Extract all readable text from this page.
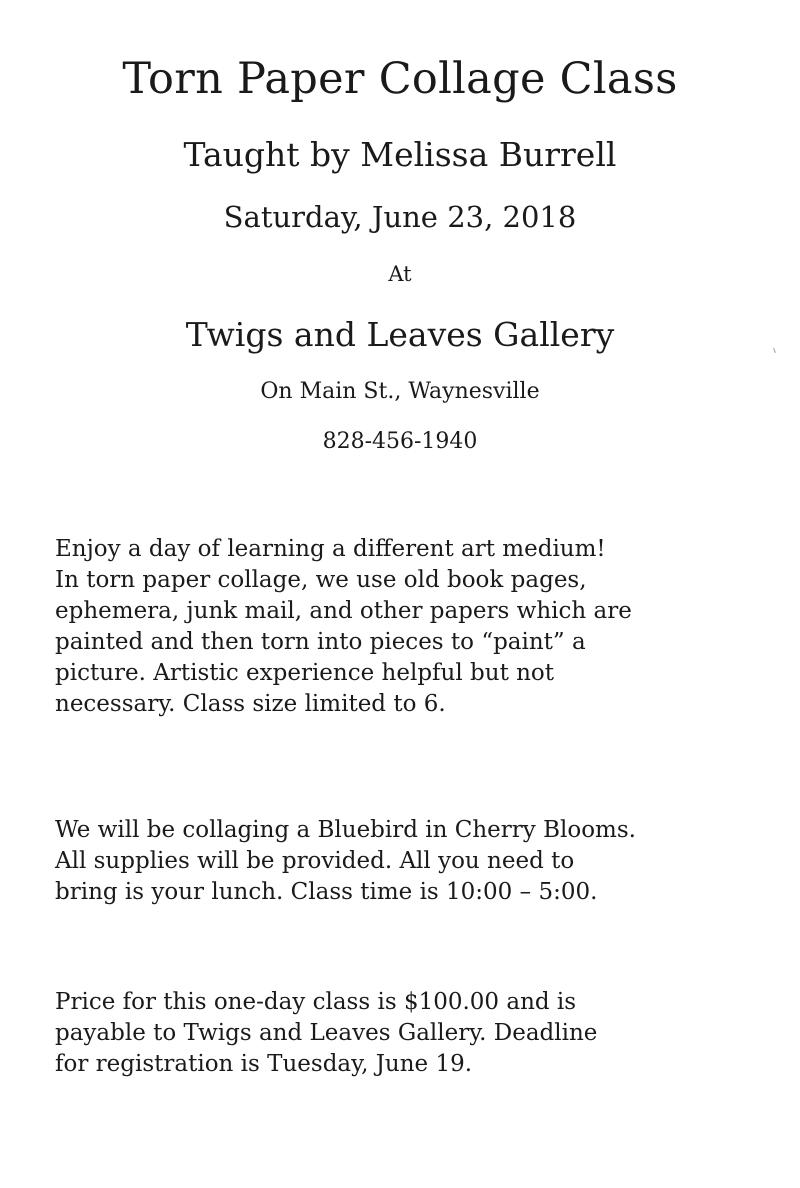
Torn Paper Collage Class
Taught by Melissa Burrell
Saturday, June 23, 2018
At
Twigs and Leaves Gallery
On Main St., Waynesville
828-456-1940

Enjoy a day of learning a different art medium!
In torn paper collage, we use old book pages,
ephemera, junk mail, and other papers which are
painted and then torn into pieces to “paint” a
picture. Artistic experience helpful but not
necessary. Class size limited to 6.

We will be collaging a Bluebird in Cherry Blooms.
All supplies will be provided. All you need to
bring is your lunch. Class time is 10:00 – 5:00.

Price for this one-day class is $100.00 and is
payable to Twigs and Leaves Gallery. Deadline
for registration is Tuesday, June 19.
